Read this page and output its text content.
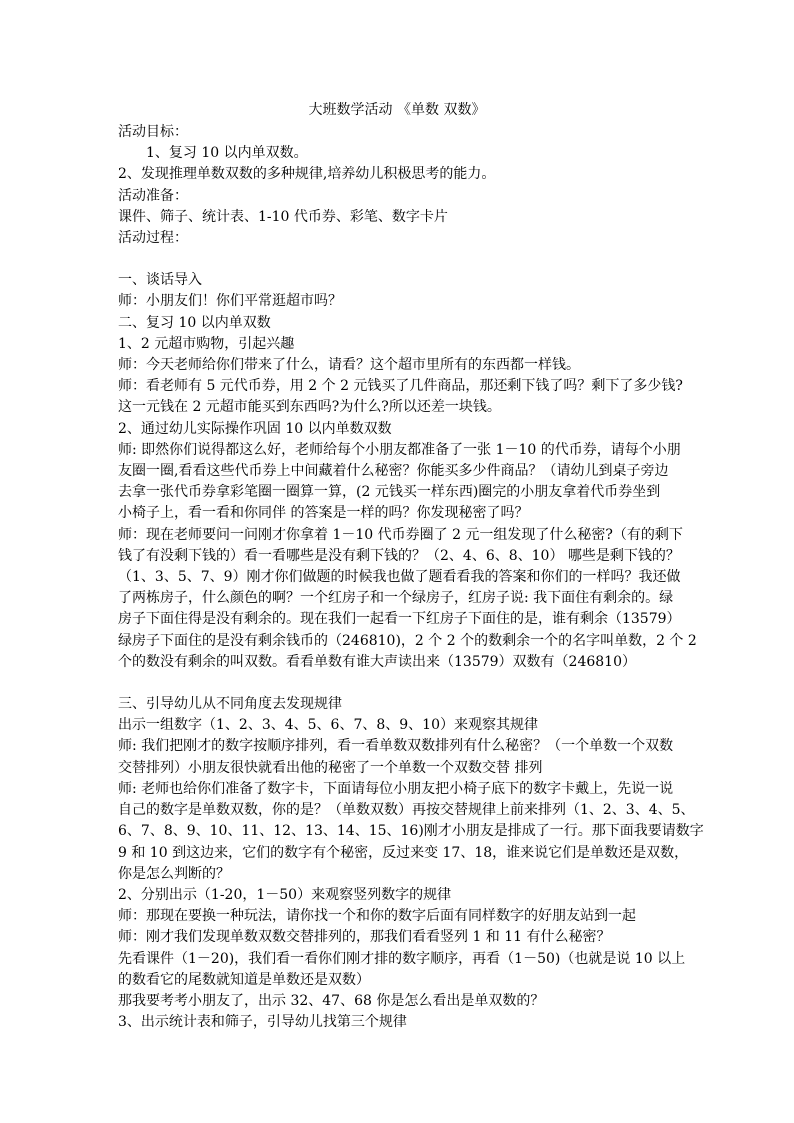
大班数学活动 《单数 双数》
活动目标：
1、复习 10 以内单双数。
2、发现推理单数双数的多种规律,培养幼儿积极思考的能力。
活动准备：
课件、筛子、统计表、1-10 代币券、彩笔、数字卡片
活动过程：
一、谈话导入
师：小朋友们！你们平常逛超市吗？
二、复习 10 以内单双数
1、2 元超市购物，引起兴趣
师：今天老师给你们带来了什么，请看？这个超市里所有的东西都一样钱。
师：看老师有 5 元代币券，用 2 个 2 元钱买了几件商品，那还剩下钱了吗？剩下了多少钱?
这一元钱在 2 元超市能买到东西吗?为什么?所以还差一块钱。
2、通过幼儿实际操作巩固 10 以内单数双数
师: 即然你们说得都这么好，老师给每个小朋友都准备了一张 1－10 的代币券，请每个小朋
友圈一圈,看看这些代币券上中间藏着什么秘密？你能买多少件商品？（请幼儿到桌子旁边
去拿一张代币券拿彩笔圈一圈算一算，(2 元钱买一样东西)圈完的小朋友拿着代币券坐到
小椅子上，看一看和你同伴 的答案是一样的吗？你发现秘密了吗？
师：现在老师要问一问刚才你拿着 1－10 代币券圈了 2 元一组发现了什么秘密?（有的剩下
钱了有没剩下钱的）看一看哪些是没有剩下钱的？（2、4、6、8、10） 哪些是剩下钱的？
（1、3、5、7、9）刚才你们做题的时候我也做了题看看我的答案和你们的一样吗？我还做
了两栋房子，什么颜色的啊？一个红房子和一个绿房子，红房子说: 我下面住有剩余的。绿
房子下面住得是没有剩余的。现在我们一起看一下红房子下面住的是，谁有剩余（13579）
绿房子下面住的是没有剩余钱币的（246810)，2 个 2 个的数剩余一个的名字叫单数，2 个 2
个的数没有剩余的叫双数。看看单数有谁大声读出来（13579）双数有（246810）
三、引导幼儿从不同角度去发现规律
出示一组数字（1、2、3、4、5、6、7、8、9、10）来观察其规律
师: 我们把刚才的数字按顺序排列，看一看单数双数排列有什么秘密？（一个单数一个双数
交替排列）小朋友很快就看出他的秘密了一个单数一个双数交替 排列
师: 老师也给你们准备了数字卡，下面请每位小朋友把小椅子底下的数字卡戴上，先说一说
自己的数字是单数双数，你的是？（单数双数）再按交替规律上前来排列（1、2、3、4、5、
6、7、8、9、10、11、12、13、14、15、16)刚才小朋友是排成了一行。那下面我要请数字
9 和 10 到这边来，它们的数字有个秘密，反过来变 17、18，谁来说它们是单数还是双数，
你是怎么判断的？
2、分别出示（1-20，1－50）来观察竖列数字的规律
师：那现在要换一种玩法，请你找一个和你的数字后面有同样数字的好朋友站到一起
师：刚才我们发现单数双数交替排列的，那我们看看竖列 1 和 11 有什么秘密？
先看课件（1－20)，我们看一看你们刚才排的数字顺序，再看（1－50)（也就是说 10 以上
的数看它的尾数就知道是单数还是双数）
那我要考考小朋友了，出示 32、47、68 你是怎么看出是单双数的？
3、出示统计表和筛子，引导幼儿找第三个规律
